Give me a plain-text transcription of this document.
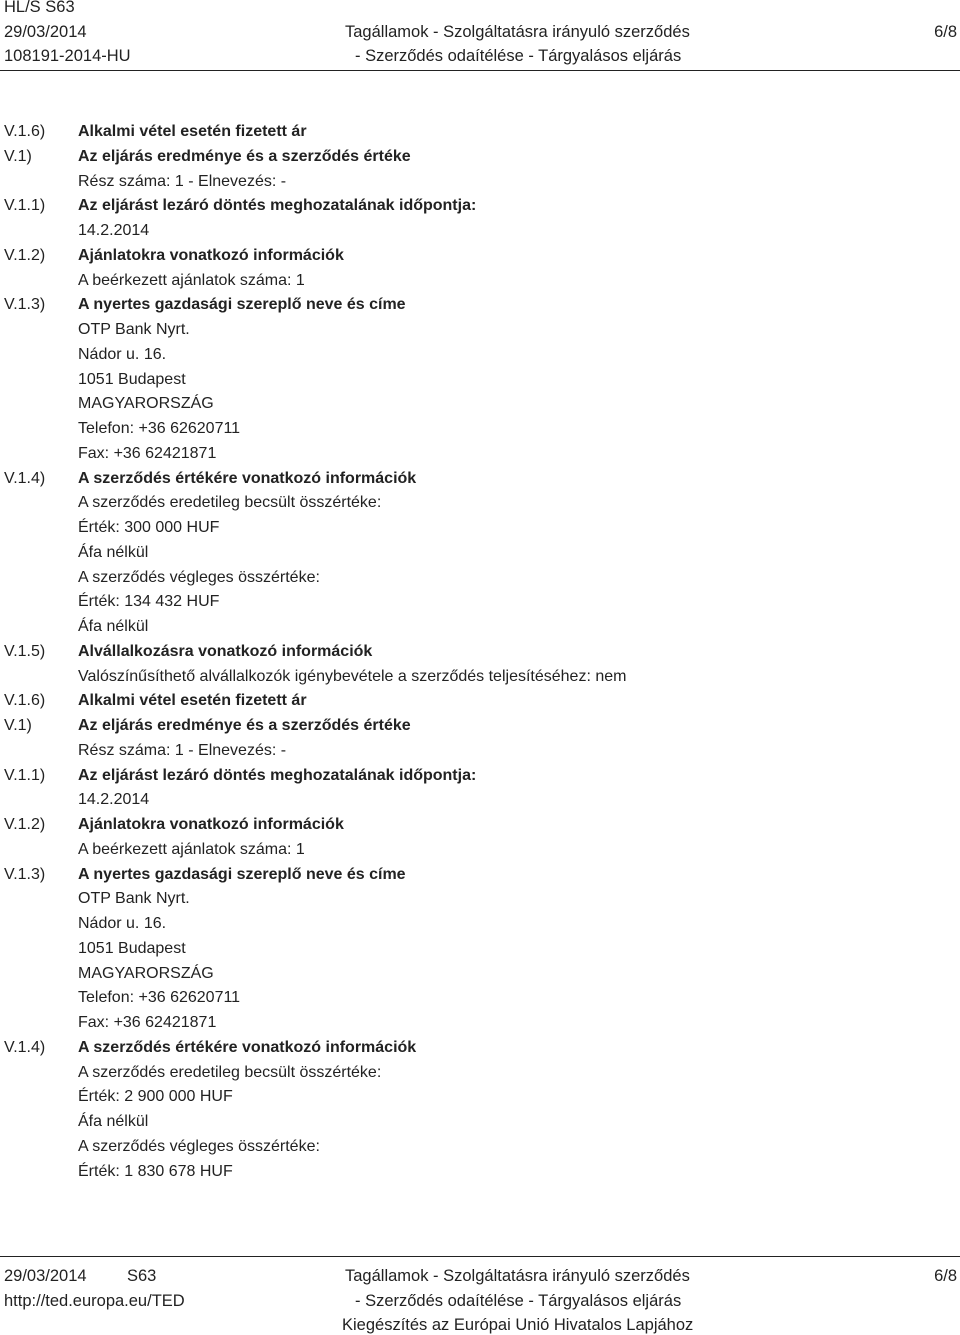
HL/S S63
29/03/2014
108191-2014-HU
Tagállamok - Szolgáltatásra irányuló szerződés
- Szerződés odaítélése - Tárgyalásos eljárás
6/8
V.1.6) Alkalmi vétel esetén fizetett ár
V.1)	Az eljárás eredménye és a szerződés értéke
Rész száma: 1 - Elnevezés: -
V.1.1) Az eljárást lezáró döntés meghozatalának időpontja:
14.2.2014
V.1.2) Ajánlatokra vonatkozó információk
A beérkezett ajánlatok száma: 1
V.1.3) A nyertes gazdasági szereplő neve és címe
OTP Bank Nyrt.
Nádor u. 16.
1051 Budapest
MAGYARORSZÁG
Telefon: +36 62620711
Fax: +36 62421871
V.1.4) A szerződés értékére vonatkozó információk
A szerződés eredetileg becsült összértéke:
Érték: 300 000 HUF
Áfa nélkül
A szerződés végleges összértéke:
Érték: 134 432 HUF
Áfa nélkül
V.1.5) Alvállalkozásra vonatkozó információk
Valószínűsíthető alvállalkozók igénybevétele a szerződés teljesítéséhez: nem
V.1.6) Alkalmi vétel esetén fizetett ár
V.1)	Az eljárás eredménye és a szerződés értéke
Rész száma: 1 - Elnevezés: -
V.1.1) Az eljárást lezáró döntés meghozatalának időpontja:
14.2.2014
V.1.2) Ajánlatokra vonatkozó információk
A beérkezett ajánlatok száma: 1
V.1.3) A nyertes gazdasági szereplő neve és címe
OTP Bank Nyrt.
Nádor u. 16.
1051 Budapest
MAGYARORSZÁG
Telefon: +36 62620711
Fax: +36 62421871
V.1.4) A szerződés értékére vonatkozó információk
A szerződés eredetileg becsült összértéke:
Érték: 2 900 000 HUF
Áfa nélkül
A szerződés végleges összértéke:
Érték: 1 830 678 HUF
29/03/2014 S63
http://ted.europa.eu/TED
Tagállamok - Szolgáltatásra irányuló szerződés
- Szerződés odaítélése - Tárgyalásos eljárás
Kiegészítés az Európai Unió Hivatalos Lapjához
6/8
